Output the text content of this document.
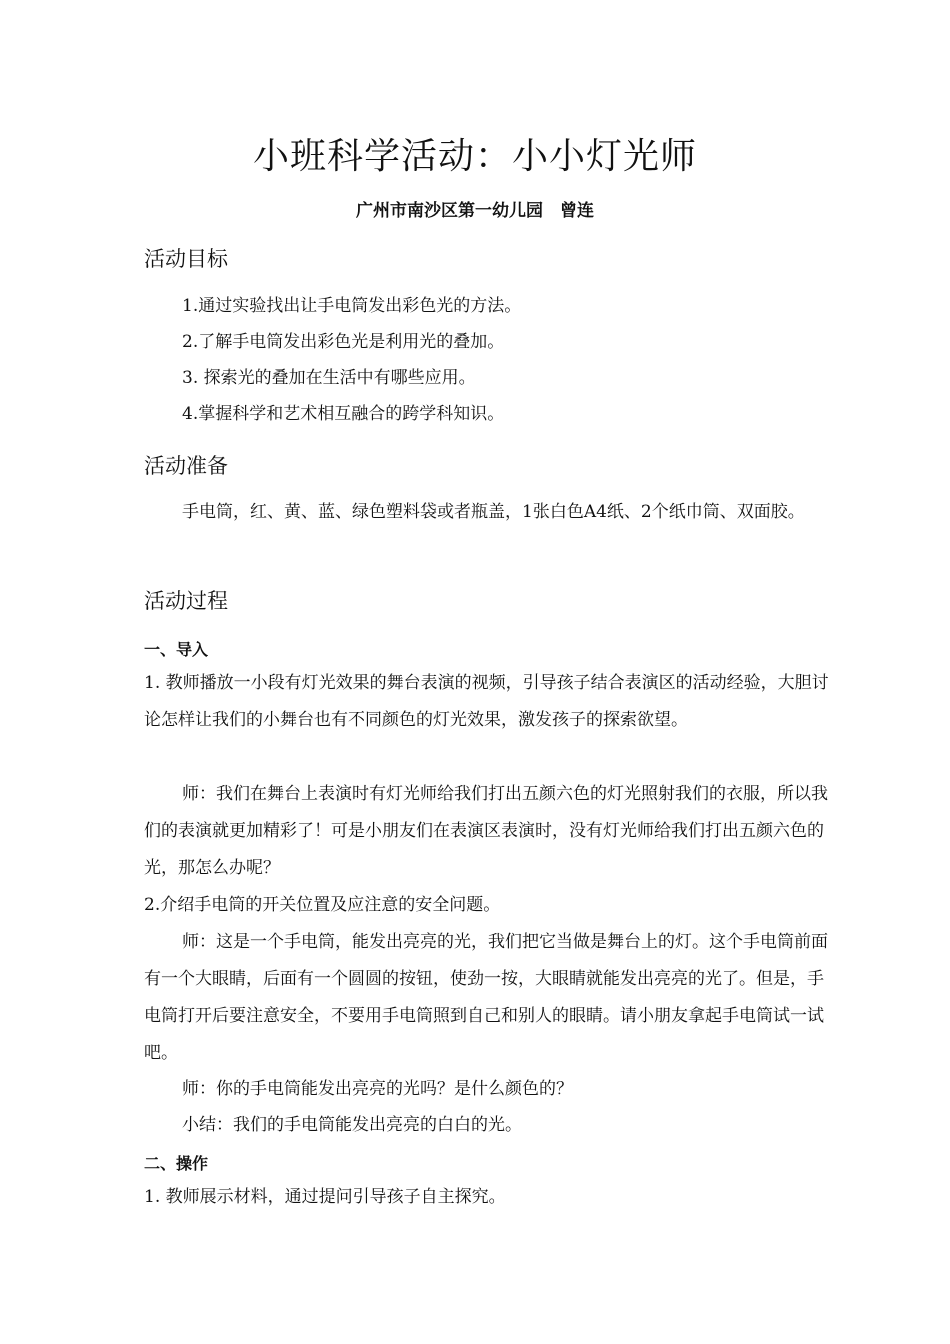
小班科学活动：小小灯光师
广州市南沙区第一幼儿园　曾连
活动目标

1.通过实验找出让手电筒发出彩色光的方法。

2.了解手电筒发出彩色光是利用光的叠加。

3. 探索光的叠加在生活中有哪些应用。

4.掌握科学和艺术相互融合的跨学科知识。

活动准备

手电筒，红、黄、蓝、绿色塑料袋或者瓶盖，1张白色A4纸、2个纸巾筒、双面胶。

活动过程
一、导入

1. 教师播放一小段有灯光效果的舞台表演的视频，引导孩子结合表演区的活动经验，大胆讨论怎样让我们的小舞台也有不同颜色的灯光效果，激发孩子的探索欲望。

师：我们在舞台上表演时有灯光师给我们打出五颜六色的灯光照射我们的衣服，所以我们的表演就更加精彩了！可是小朋友们在表演区表演时，没有灯光师给我们打出五颜六色的光，那怎么办呢？

2.介绍手电筒的开关位置及应注意的安全问题。

师：这是一个手电筒，能发出亮亮的光，我们把它当做是舞台上的灯。这个手电筒前面有一个大眼睛，后面有一个圆圆的按钮，使劲一按，大眼睛就能发出亮亮的光了。但是，手电筒打开后要注意安全，不要用手电筒照到自己和别人的眼睛。请小朋友拿起手电筒试一试吧。

师：你的手电筒能发出亮亮的光吗？是什么颜色的？

小结：我们的手电筒能发出亮亮的白白的光。

二、操作

1. 教师展示材料，通过提问引导孩子自主探究。
